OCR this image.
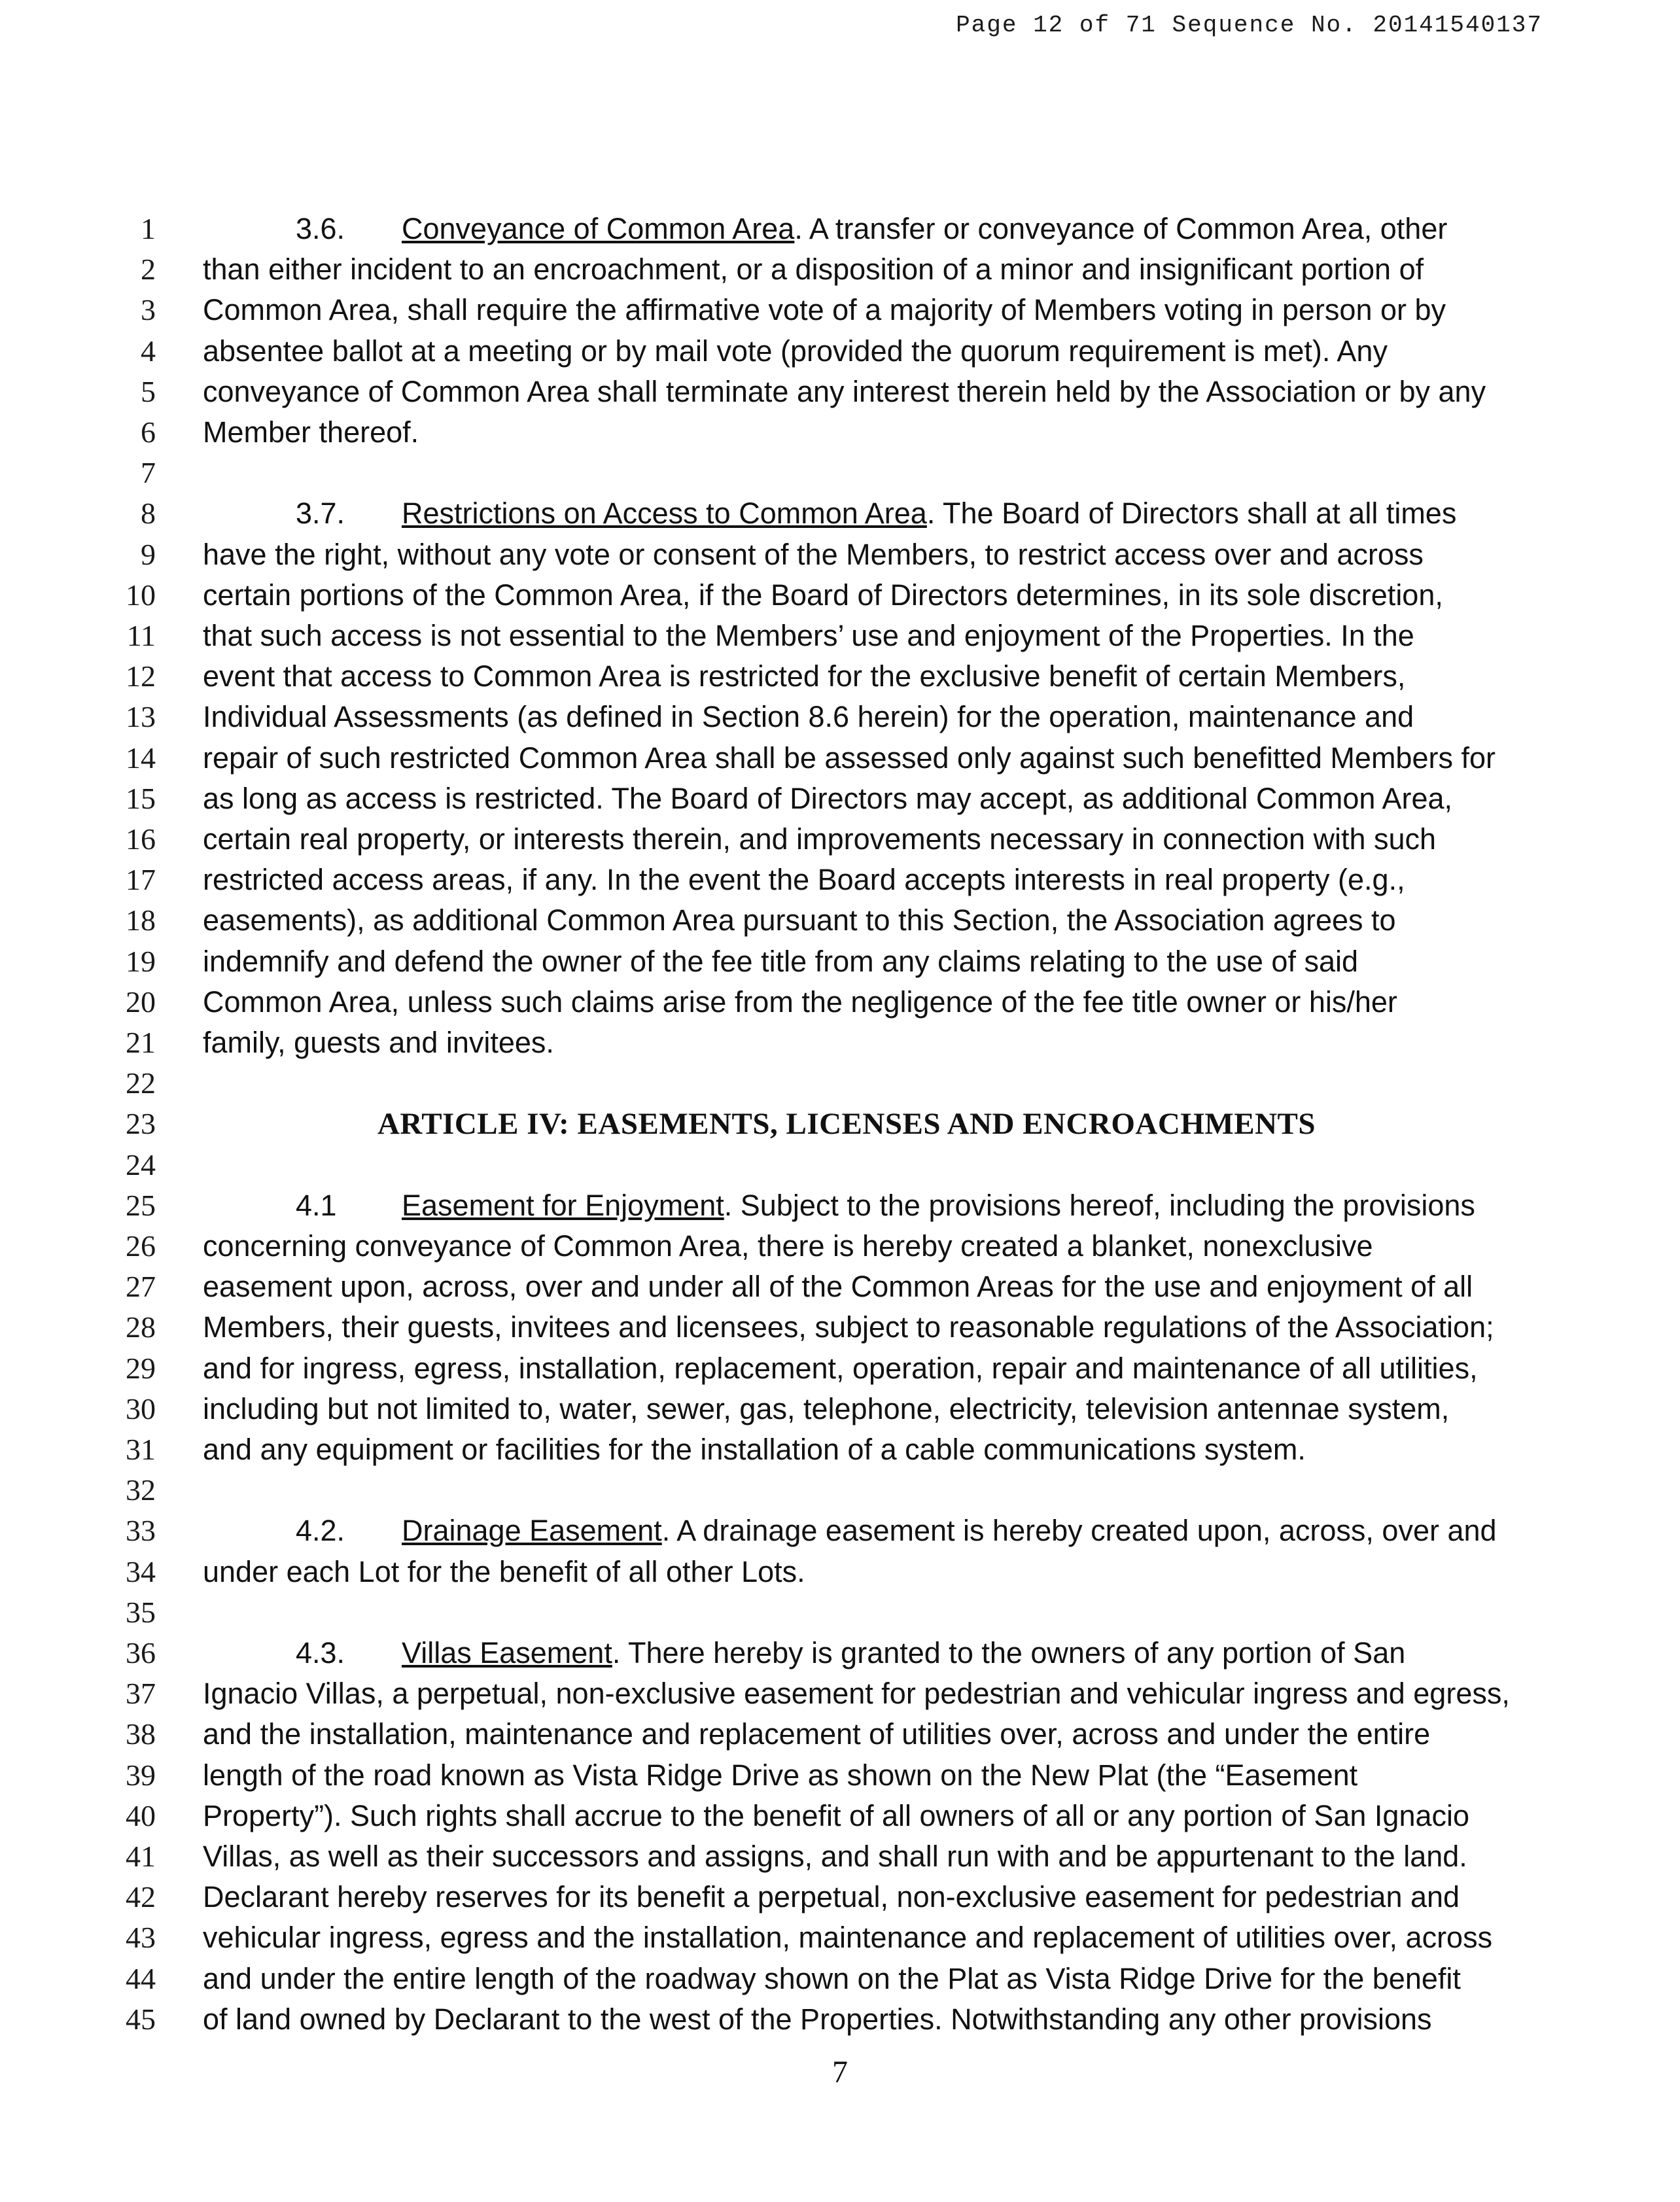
Page 12 of 71 Sequence No. 20141540137
1	3.6. Conveyance of Common Area. A transfer or conveyance of Common Area, other
2 than either incident to an encroachment, or a disposition of a minor and insignificant portion of
3 Common Area, shall require the affirmative vote of a majority of Members voting in person or by
4 absentee ballot at a meeting or by mail vote (provided the quorum requirement is met). Any
5 conveyance of Common Area shall terminate any interest therein held by the Association or by any
6 Member thereof.
7
8	3.7. Restrictions on Access to Common Area. The Board of Directors shall at all times
9 have the right, without any vote or consent of the Members, to restrict access over and across
10 certain portions of the Common Area, if the Board of Directors determines, in its sole discretion,
11 that such access is not essential to the Members’ use and enjoyment of the Properties. In the
12 event that access to Common Area is restricted for the exclusive benefit of certain Members,
13 Individual Assessments (as defined in Section 8.6 herein) for the operation, maintenance and
14 repair of such restricted Common Area shall be assessed only against such benefitted Members for
15 as long as access is restricted. The Board of Directors may accept, as additional Common Area,
16 certain real property, or interests therein, and improvements necessary in connection with such
17 restricted access areas, if any. In the event the Board accepts interests in real property (e.g.,
18 easements), as additional Common Area pursuant to this Section, the Association agrees to
19 indemnify and defend the owner of the fee title from any claims relating to the use of said
20 Common Area, unless such claims arise from the negligence of the fee title owner or his/her
21 family, guests and invitees.
22
23	ARTICLE IV: EASEMENTS, LICENSES AND ENCROACHMENTS
24
25	4.1 Easement for Enjoyment. Subject to the provisions hereof, including the provisions
26 concerning conveyance of Common Area, there is hereby created a blanket, nonexclusive
27 easement upon, across, over and under all of the Common Areas for the use and enjoyment of all
28 Members, their guests, invitees and licensees, subject to reasonable regulations of the Association;
29 and for ingress, egress, installation, replacement, operation, repair and maintenance of all utilities,
30 including but not limited to, water, sewer, gas, telephone, electricity, television antennae system,
31 and any equipment or facilities for the installation of a cable communications system.
32
33	4.2. Drainage Easement. A drainage easement is hereby created upon, across, over and
34 under each Lot for the benefit of all other Lots.
35
36	4.3. Villas Easement. There hereby is granted to the owners of any portion of San
37 Ignacio Villas, a perpetual, non-exclusive easement for pedestrian and vehicular ingress and egress,
38 and the installation, maintenance and replacement of utilities over, across and under the entire
39 length of the road known as Vista Ridge Drive as shown on the New Plat (the “Easement
40 Property”). Such rights shall accrue to the benefit of all owners of all or any portion of San Ignacio
41 Villas, as well as their successors and assigns, and shall run with and be appurtenant to the land.
42 Declarant hereby reserves for its benefit a perpetual, non-exclusive easement for pedestrian and
43 vehicular ingress, egress and the installation, maintenance and replacement of utilities over, across
44 and under the entire length of the roadway shown on the Plat as Vista Ridge Drive for the benefit
45 of land owned by Declarant to the west of the Properties. Notwithstanding any other provisions
7
